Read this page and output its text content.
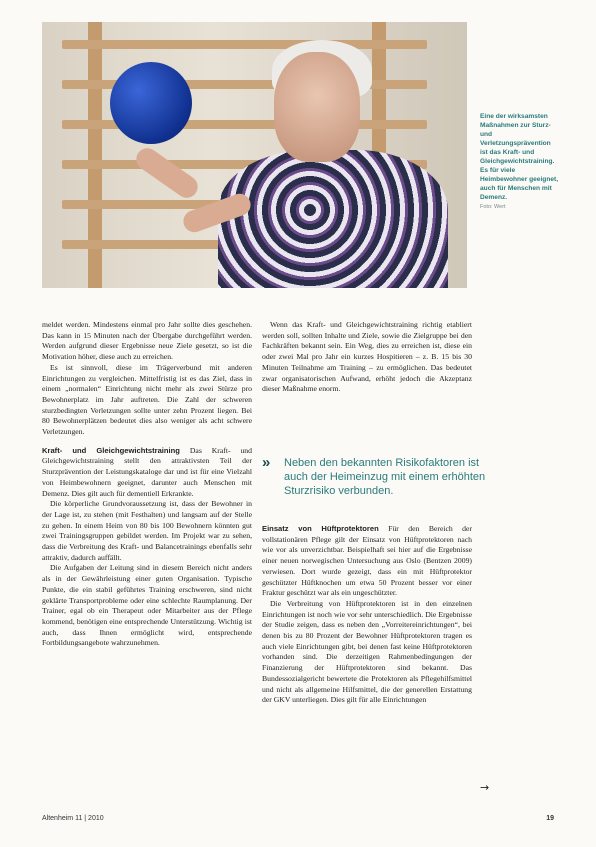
Eine der wirksamsten Maßnahmen zur Sturz- und Verletzungsprävention ist das Kraft- und Gleichgewichtstraining. Es für viele Heimbewohner geeignet, auch für Menschen mit Demenz.
Foto: Wert

meldet werden. Mindestens einmal pro Jahr sollte dies geschehen. Das kann in 15 Minuten nach der Übergabe durchgeführt werden. Werden aufgrund dieser Ergebnisse neue Ziele gesetzt, so ist die Motivation höher, diese auch zu erreichen.

Es ist sinnvoll, diese im Trägerverbund mit anderen Einrichtungen zu vergleichen. Mittelfristig ist es das Ziel, dass in einem „normalen“ Einrichtung nicht mehr als zwei Stürze pro Bewohnerplatz im Jahr auftreten. Die Zahl der schweren sturzbedingten Verletzungen sollte unter zehn Prozent liegen. Bei 80 Bewohnerplätzen bedeutet dies also weniger als acht schwere Verletzungen.

Kraft- und Gleichgewichtstraining Das Kraft- und Gleichgewichtstraining stellt den attraktivsten Teil der Sturzprävention der Leistungskataloge dar und ist für eine Vielzahl von Heimbewohnern geeignet, darunter auch Menschen mit Demenz. Dies gilt auch für dementiell Erkrankte.

Die körperliche Grundvoraussetzung ist, dass der Bewohner in der Lage ist, zu stehen (mit Festhalten) und langsam auf der Stelle zu gehen. In einem Heim von 80 bis 100 Bewohnern könnten gut zwei Trainingsgruppen gebildet werden. Im Projekt war zu sehen, dass die Verbreitung des Kraft- und Balancetrainings ebenfalls sehr attraktiv, dadurch auffällt.

Die Aufgaben der Leitung sind in diesem Bereich nicht anders als in der Gewährleistung einer guten Organisation. Typische Punkte, die ein stabil geführtes Training erschweren, sind nicht geklärte Transportprobleme oder eine schlechte Raumplanung. Der Trainer, egal ob ein Therapeut oder Mitarbeiter aus der Pflege kommend, benötigen eine entsprechende Unterstützung. Wichtig ist auch, dass Ihnen ermöglicht wird, entsprechende Fortbildungsangebote wahrzunehmen.

Wenn das Kraft- und Gleichgewichtstraining richtig etabliert werden soll, sollten Inhalte und Ziele, sowie die Zielgruppe bei den Fachkräften bekannt sein. Ein Weg, dies zu erreichen ist, diese ein oder zwei Mal pro Jahr ein kurzes Hospitieren – z. B. 15 bis 30 Minuten Teilnahme am Training – zu ermöglichen. Das bedeutet zwar organisatorischen Aufwand, erhöht jedoch die Akzeptanz dieser Maßnahme enorm.

» Neben den bekannten Risikofaktoren ist auch der Heimeinzug mit einem erhöhten Sturzrisiko verbunden.

Einsatz von Hüftprotektoren Für den Bereich der vollstationären Pflege gilt der Einsatz von Hüftprotektoren nach wie vor als unverzichtbar. Beispielhaft sei hier auf die Ergebnisse einer neuen norwegischen Untersuchung aus Oslo (Bentzen 2009) verwiesen. Dort wurde gezeigt, dass ein mit Hüftprotektor geschützter Hüftknochen um etwa 50 Prozent besser vor einer Fraktur geschützt war als ein ungeschützter.

Die Verbreitung von Hüftprotektoren ist in den einzelnen Einrichtungen ist noch wie vor sehr unterschiedlich. Die Ergebnisse der Studie zeigen, dass es neben den „Vorreitereinrichtungen“, bei denen bis zu 80 Prozent der Bewohner Hüftprotektoren tragen es auch viele Einrichtungen gibt, bei denen fast keine Hüftprotektoren vorhanden sind. Die derzeitigen Rahmenbedingungen der Finanzierung der Hüftprotektoren sind bekannt. Das Bundessozialgericht bewertete die Protektoren als Pflegehilfsmittel und nicht als allgemeine Hilfsmittel, die der generellen Erstattung der GKV unterliegen. Dies gilt für alle Einrichtungen

→
Altenheim 11 | 2010	19
